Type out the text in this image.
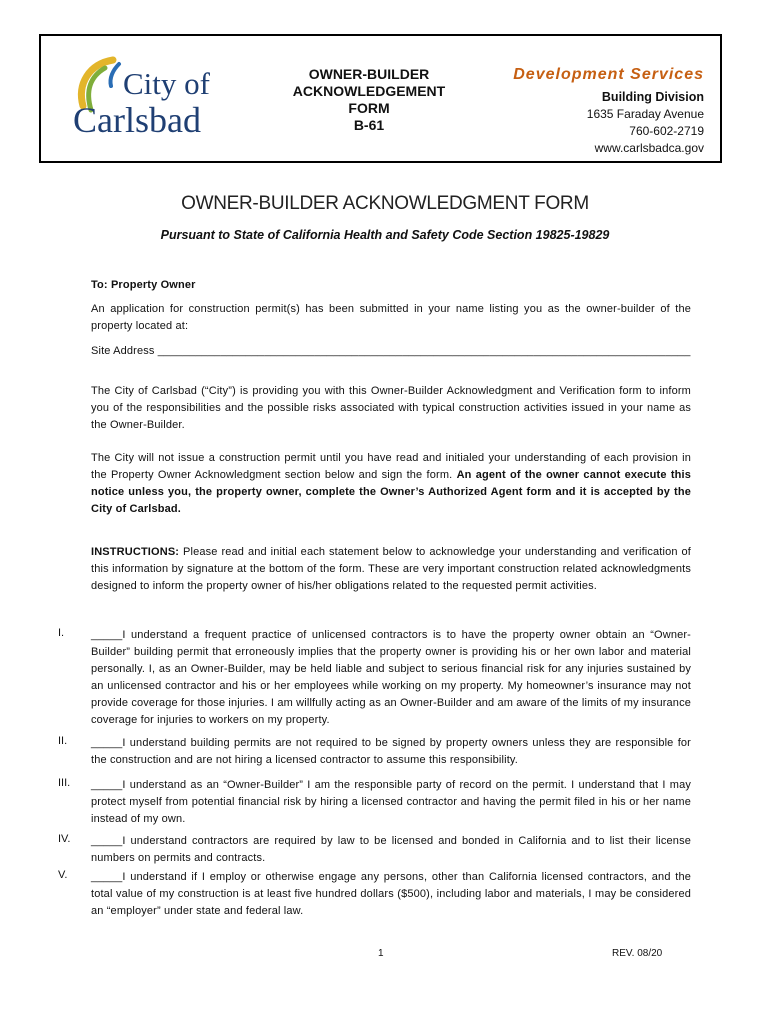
City of
Carlsbad
OWNER-BUILDER
ACKNOWLEDGEMENT
FORM
B-61
Development Services
Building Division
1635 Faraday Avenue
760-602-2719
www.carlsbadca.gov
OWNER-BUILDER ACKNOWLEDGMENT FORM
Pursuant to State of California Health and Safety Code Section 19825-19829
To: Property Owner
An application for construction permit(s) has been submitted in your name listing you as the owner-builder of the property located at:
Site Address _____________________________________________________________________________________
The City of Carlsbad (“City”) is providing you with this Owner-Builder Acknowledgment and Verification form to inform you of the responsibilities and the possible risks associated with typical construction activities issued in your name as the Owner-Builder.
The City will not issue a construction permit until you have read and initialed your understanding of each provision in the Property Owner Acknowledgment section below and sign the form. An agent of the owner cannot execute this notice unless you, the property owner, complete the Owner’s Authorized Agent form and it is accepted by the City of Carlsbad.
INSTRUCTIONS: Please read and initial each statement below to acknowledge your understanding and verification of this information by signature at the bottom of the form. These are very important construction related acknowledgments designed to inform the property owner of his/her obligations related to the requested permit activities.
I. _____I understand a frequent practice of unlicensed contractors is to have the property owner obtain an “Owner-Builder” building permit that erroneously implies that the property owner is providing his or her own labor and material personally. I, as an Owner-Builder, may be held liable and subject to serious financial risk for any injuries sustained by an unlicensed contractor and his or her employees while working on my property. My homeowner’s insurance may not provide coverage for those injuries. I am willfully acting as an Owner-Builder and am aware of the limits of my insurance coverage for injuries to workers on my property.
II. _____I understand building permits are not required to be signed by property owners unless they are responsible for the construction and are not hiring a licensed contractor to assume this responsibility.
III. _____I understand as an “Owner-Builder” I am the responsible party of record on the permit. I understand that I may protect myself from potential financial risk by hiring a licensed contractor and having the permit filed in his or her name instead of my own.
IV. _____I understand contractors are required by law to be licensed and bonded in California and to list their license numbers on permits and contracts.
V. _____I understand if I employ or otherwise engage any persons, other than California licensed contractors, and the total value of my construction is at least five hundred dollars ($500), including labor and materials, I may be considered an “employer” under state and federal law.
1	REV. 08/20
